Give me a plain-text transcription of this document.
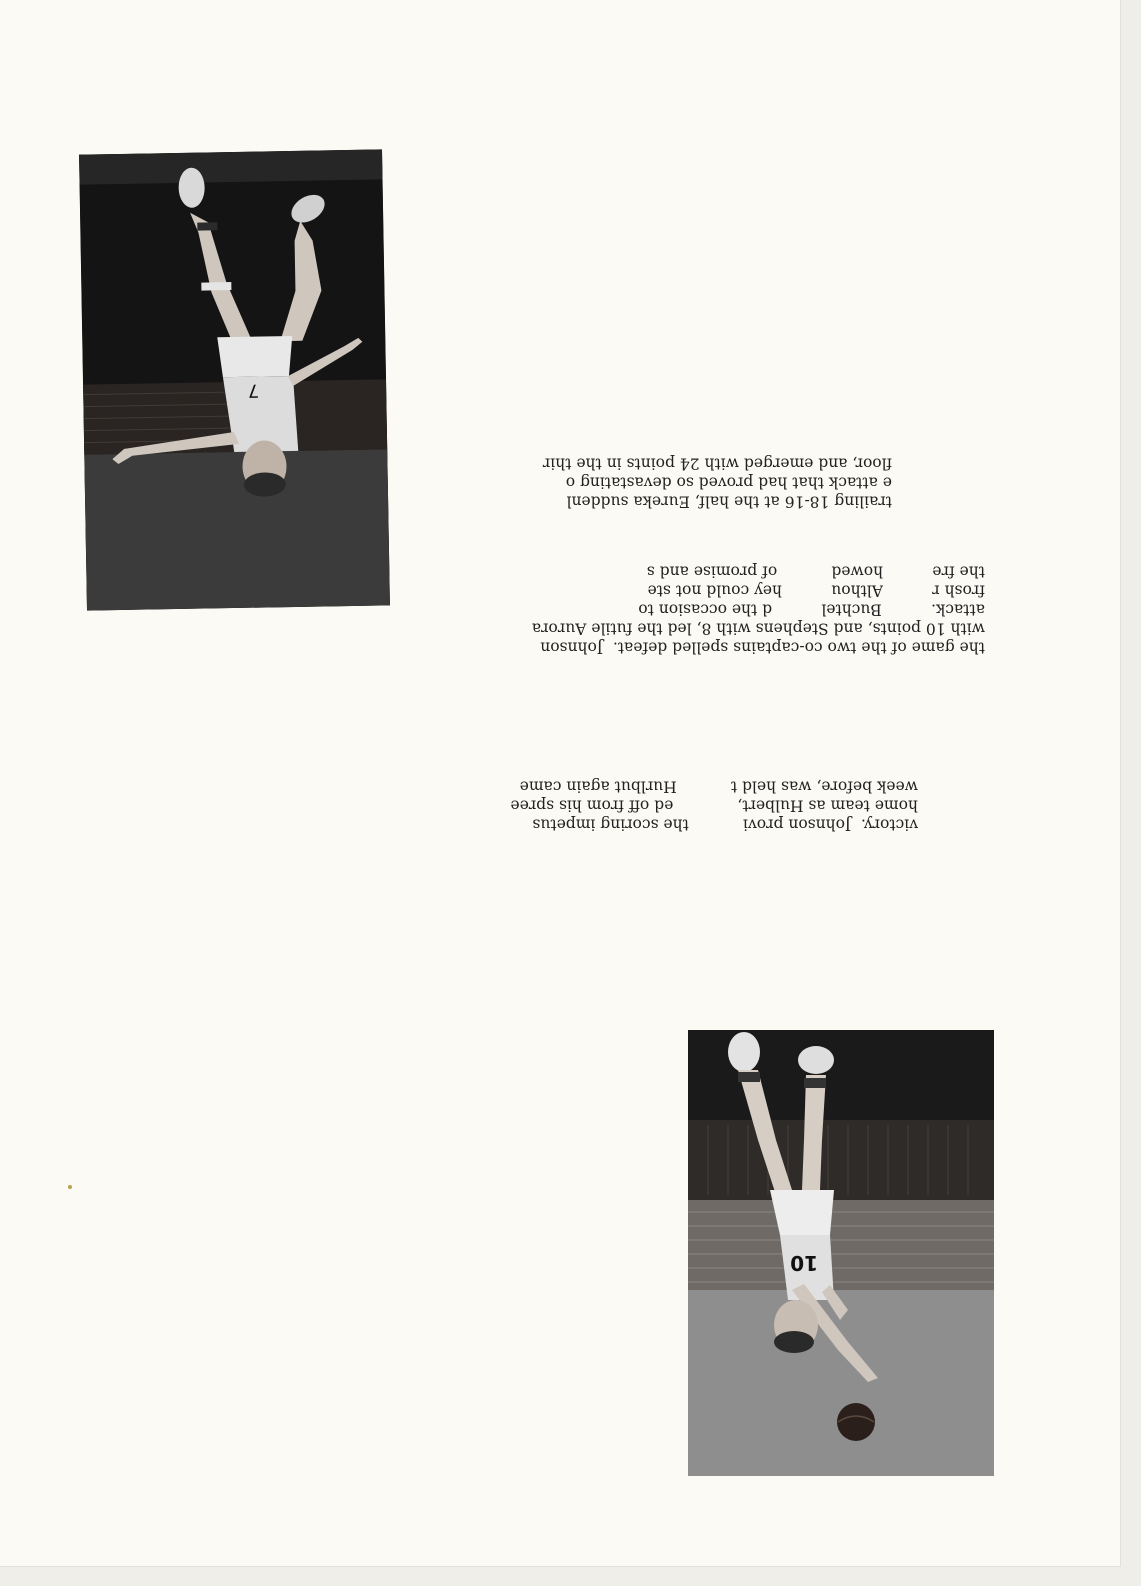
7
10
trailing 18-16 at the half, Eureka suddenl
e attack that had proved so devastating o
floor, and emerged with 24 points in the thir
the game of the two co-captains spelled defeat.  Johnson
with 10 points, and Stephens with 8, led the futile Aurora
attack.          Buchtel          d the occasion to
frosh r          Althou          hey could not ste
the fre          howed           of promise and s
victory.  Johnson provi           the scoring impetus
home team as Hulbert,             ed off from his spree
week before, was held t           Hurlbut again came
